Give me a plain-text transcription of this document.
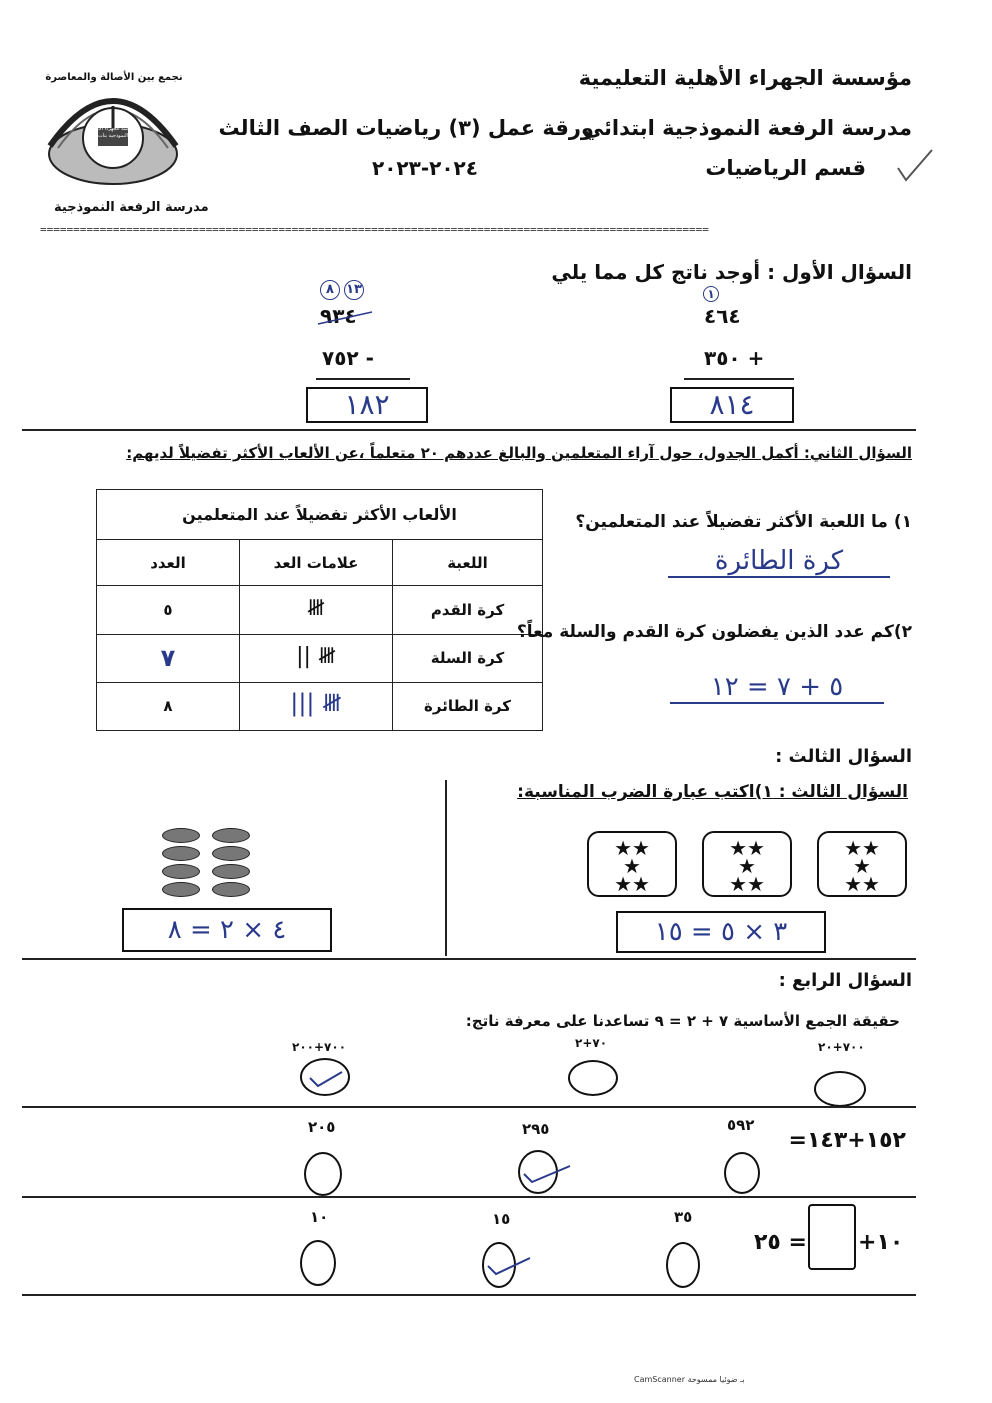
مؤسسة الجهراء الأهلية التعليمية
مدرسة الرفعة النموذجية ابتدائي
ورقة عمل (٣) رياضيات الصف الثالث
قسم الرياضيات
٢٠٢٤-٢٠٢٣
نجمع بين الأصالة والمعاصرة
مدرسة الجهراء الأهلية النموذجية بنات
مدرسة الرفعة النموذجية
=====================================================================================================
السؤال الأول : أوجد ناتج كل مما يلي
١
٤٦٤
٣٥٠ +
٨١٤
١٣
٨
٩٣٤
٧٥٢ -
١٨٢
السؤال الثاني: أكمل الجدول، حول آراء المتعلمين والبالغ عددهم ٢٠ متعلماً ،عن الألعاب الأكثر تفضيلاً لديهم:
الألعاب الأكثر تفضيلاً عند المتعلمين		
اللعبة	علامات العد	العدد
كرة القدم	𝍸	٥
كرة السلة	𝍸 ||	٧
كرة الطائرة	𝍸 |||	٨
١) ما اللعبة الأكثر تفضيلاً عند المتعلمين؟
كرة الطائرة
٢)كم عدد الذين يفضلون كرة القدم والسلة معاً؟
٥ + ٧ = ١٢
السؤال الثالث :
السؤال الثالث : ١)اكتب عبارة الضرب المناسبة:
★★
★
★★
★★
★
★★
★★
★
★★
٣ × ٥ = ١٥
٤ × ٢ = ٨
السؤال الرابع :
حقيقة الجمع الأساسية ٧ + ٢ = ٩ تساعدنا على معرفة ناتج:
٧٠٠+٢٠٠	٧٠+٢	٧٠٠+٢٠
١٥٢+١٤٣=
٥٩٢
٢٩٥
٢٠٥
١٠+
= ٢٥
٣٥
١٥
١٠
CamScanner بـ ضوئيا ممسوحة
